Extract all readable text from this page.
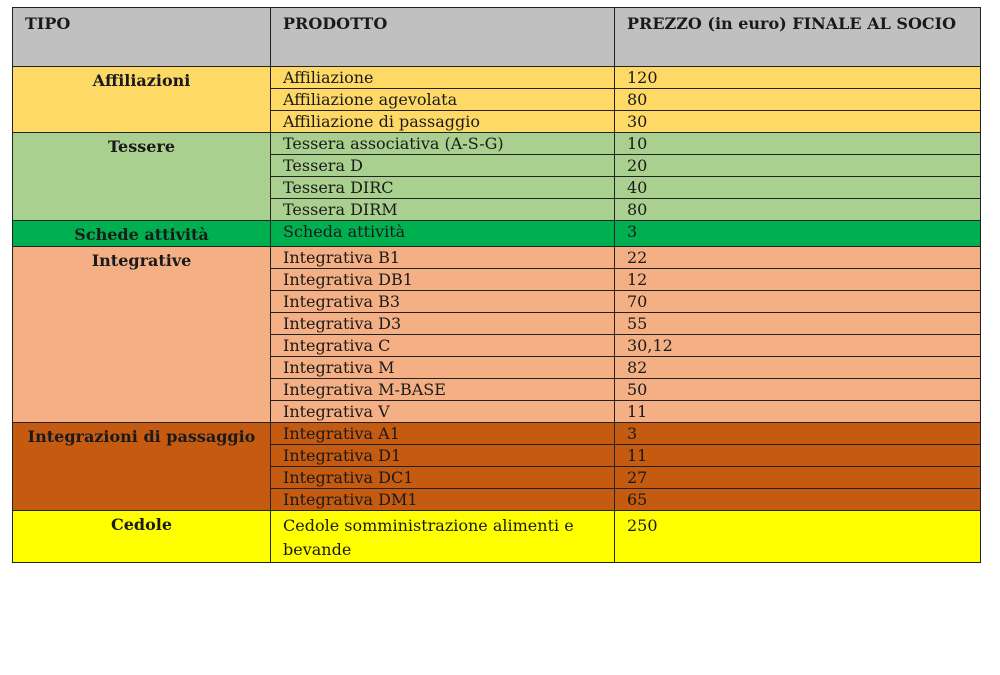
TIPO	PRODOTTO	PREZZO (in euro) FINALE AL SOCIO
Affiliazioni	Affiliazione	120
	Affiliazione agevolata	80
	Affiliazione di passaggio	30
Tessere	Tessera associativa (A-S-G)	10
	Tessera D	20
	Tessera DIRC	40
	Tessera DIRM	80
Schede attività	Scheda attività	3
Integrative	Integrativa B1	22
	Integrativa DB1	12
	Integrativa B3	70
	Integrativa D3	55
	Integrativa C	30,12
	Integrativa M	82
	Integrativa M-BASE	50
	Integrativa V	11
Integrazioni di passaggio	Integrativa A1	3
	Integrativa D1	11
	Integrativa DC1	27
	Integrativa DM1	65
Cedole	Cedole somministrazione alimenti e bevande	250
